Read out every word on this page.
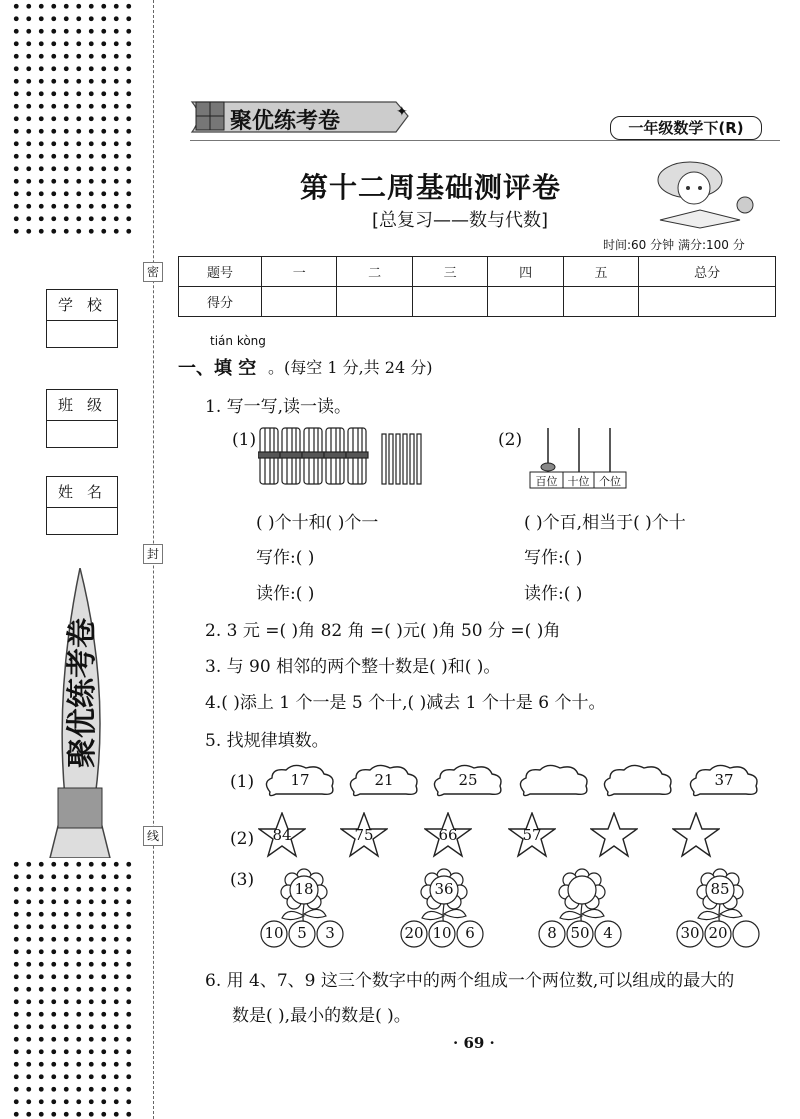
密
封
线
学校
班级
姓名
聚优练考卷
聚优练考卷	✦
一年级数学下(R)
第十二周基础测评卷
[总复习——数与代数]
时间:60 分钟 满分:100 分
题号	一	二	三	四	五	总分
得分						
tián kòng
一、填 空 。(每空 1 分,共 24 分)
1. 写一写,读一读。
(1)	(2)
百位 十位 个位
( )个十和( )个一	( )个百,相当于( )个十
写作:( )	写作:( )
读作:( )	读作:( )
2. 3 元 =( )角 82 角 =( )元( )角 50 分 =( )角
3. 与 90 相邻的两个整十数是( )和( )。
4.( )添上 1 个一是 5 个十,( )减去 1 个十是 6 个十。
5. 找规律填数。
(1)
(2)
(3)
17	21	25	37
84	75	66	57
18
10 5	3
36
20 10 6	8 50 4
85
30 20
6. 用 4、7、9 这三个数字中的两个组成一个两位数,可以组成的最大的
数是( ),最小的数是( )。
· 69 ·
